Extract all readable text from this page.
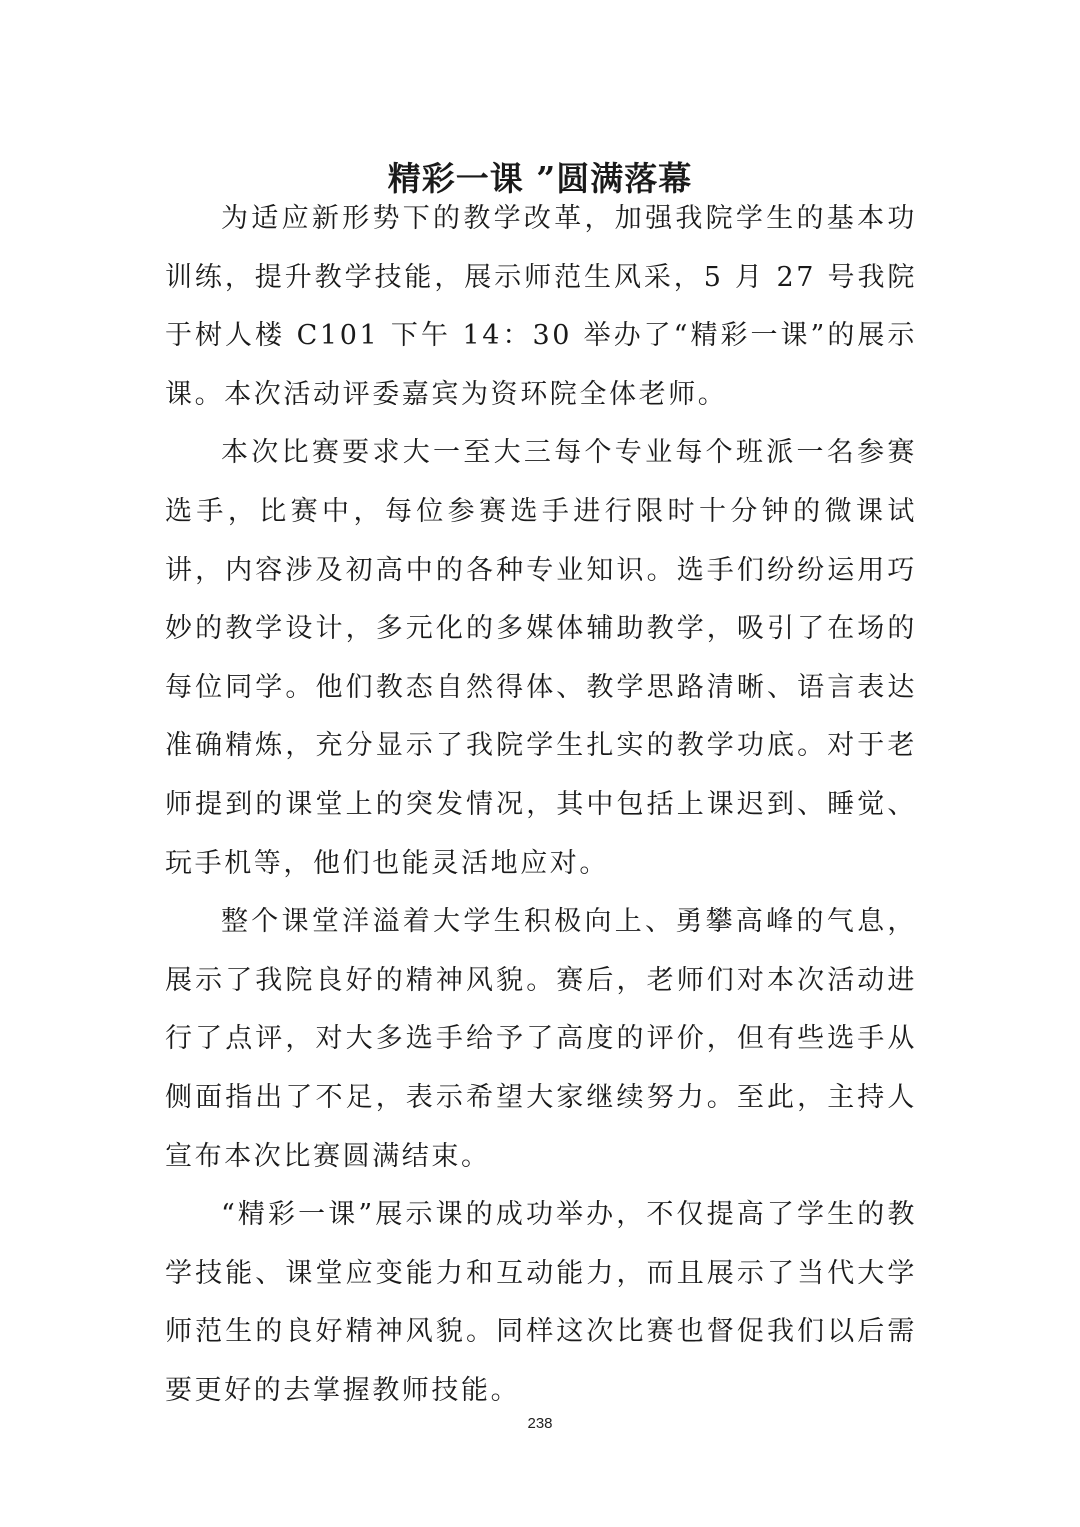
精彩一课 ”圆满落幕

为适应新形势下的教学改革，加强我院学生的基本功训练，提升教学技能，展示师范生风采，5 月 27 号我院于树人楼 C101 下午 14：30 举办了“精彩一课”的展示课。本次活动评委嘉宾为资环院全体老师。

本次比赛要求大一至大三每个专业每个班派一名参赛选手，比赛中，每位参赛选手进行限时十分钟的微课试讲，内容涉及初高中的各种专业知识。选手们纷纷运用巧妙的教学设计，多元化的多媒体辅助教学，吸引了在场的每位同学。他们教态自然得体、教学思路清晰、语言表达准确精炼，充分显示了我院学生扎实的教学功底。对于老师提到的课堂上的突发情况，其中包括上课迟到、睡觉、玩手机等，他们也能灵活地应对。

整个课堂洋溢着大学生积极向上、勇攀高峰的气息，展示了我院良好的精神风貌。赛后，老师们对本次活动进行了点评，对大多选手给予了高度的评价，但有些选手从侧面指出了不足，表示希望大家继续努力。至此，主持人宣布本次比赛圆满结束。

“精彩一课”展示课的成功举办，不仅提高了学生的教学技能、课堂应变能力和互动能力，而且展示了当代大学师范生的良好精神风貌。同样这次比赛也督促我们以后需要更好的去掌握教师技能。

238
